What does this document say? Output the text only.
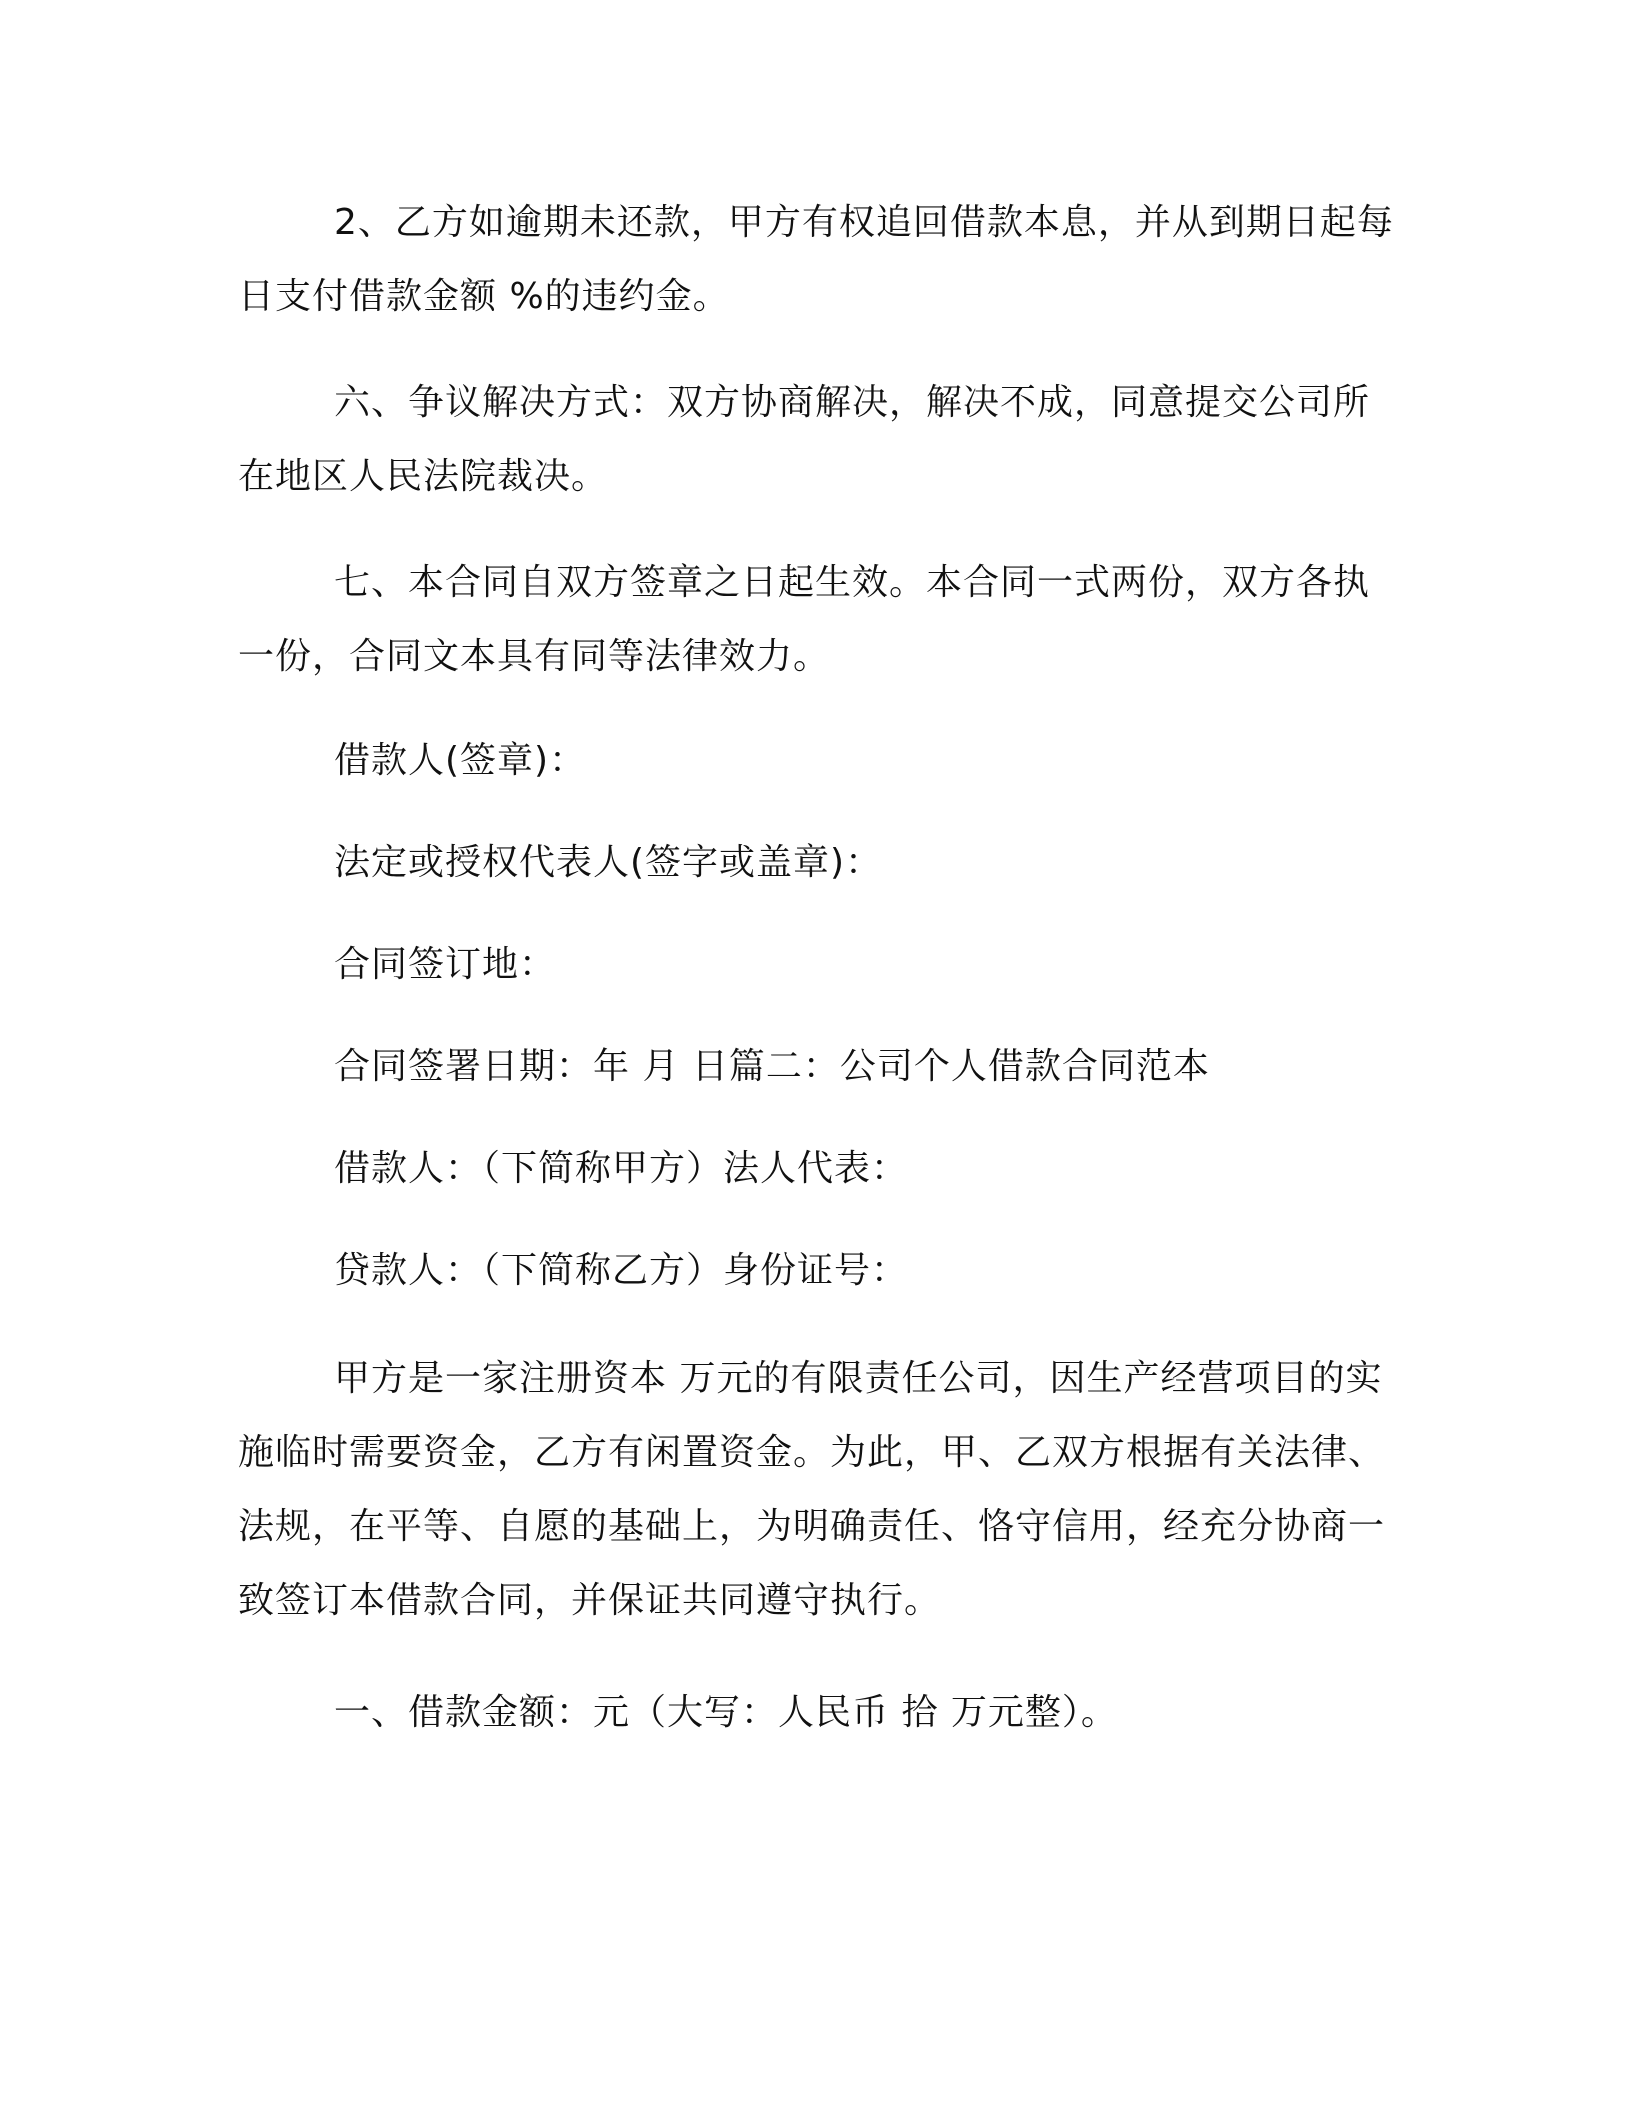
2、乙方如逾期未还款，甲方有权追回借款本息，并从到期日起每日支付借款金额 %的违约金。

六、争议解决方式：双方协商解决，解决不成，同意提交公司所在地区人民法院裁决。

七、本合同自双方签章之日起生效。本合同一式两份，双方各执一份，合同文本具有同等法律效力。

借款人(签章)：
法定或授权代表人(签字或盖章)：
合同签订地：
合同签署日期：年 月 日篇二：公司个人借款合同范本
借款人：（下简称甲方）法人代表：
贷款人：（下简称乙方）身份证号：

甲方是一家注册资本 万元的有限责任公司，因生产经营项目的实施临时需要资金，乙方有闲置资金。为此，甲、乙双方根据有关法律、法规，在平等、自愿的基础上，为明确责任、恪守信用，经充分协商一致签订本借款合同，并保证共同遵守执行。

一、借款金额：元（大写：人民币 拾 万元整）。
